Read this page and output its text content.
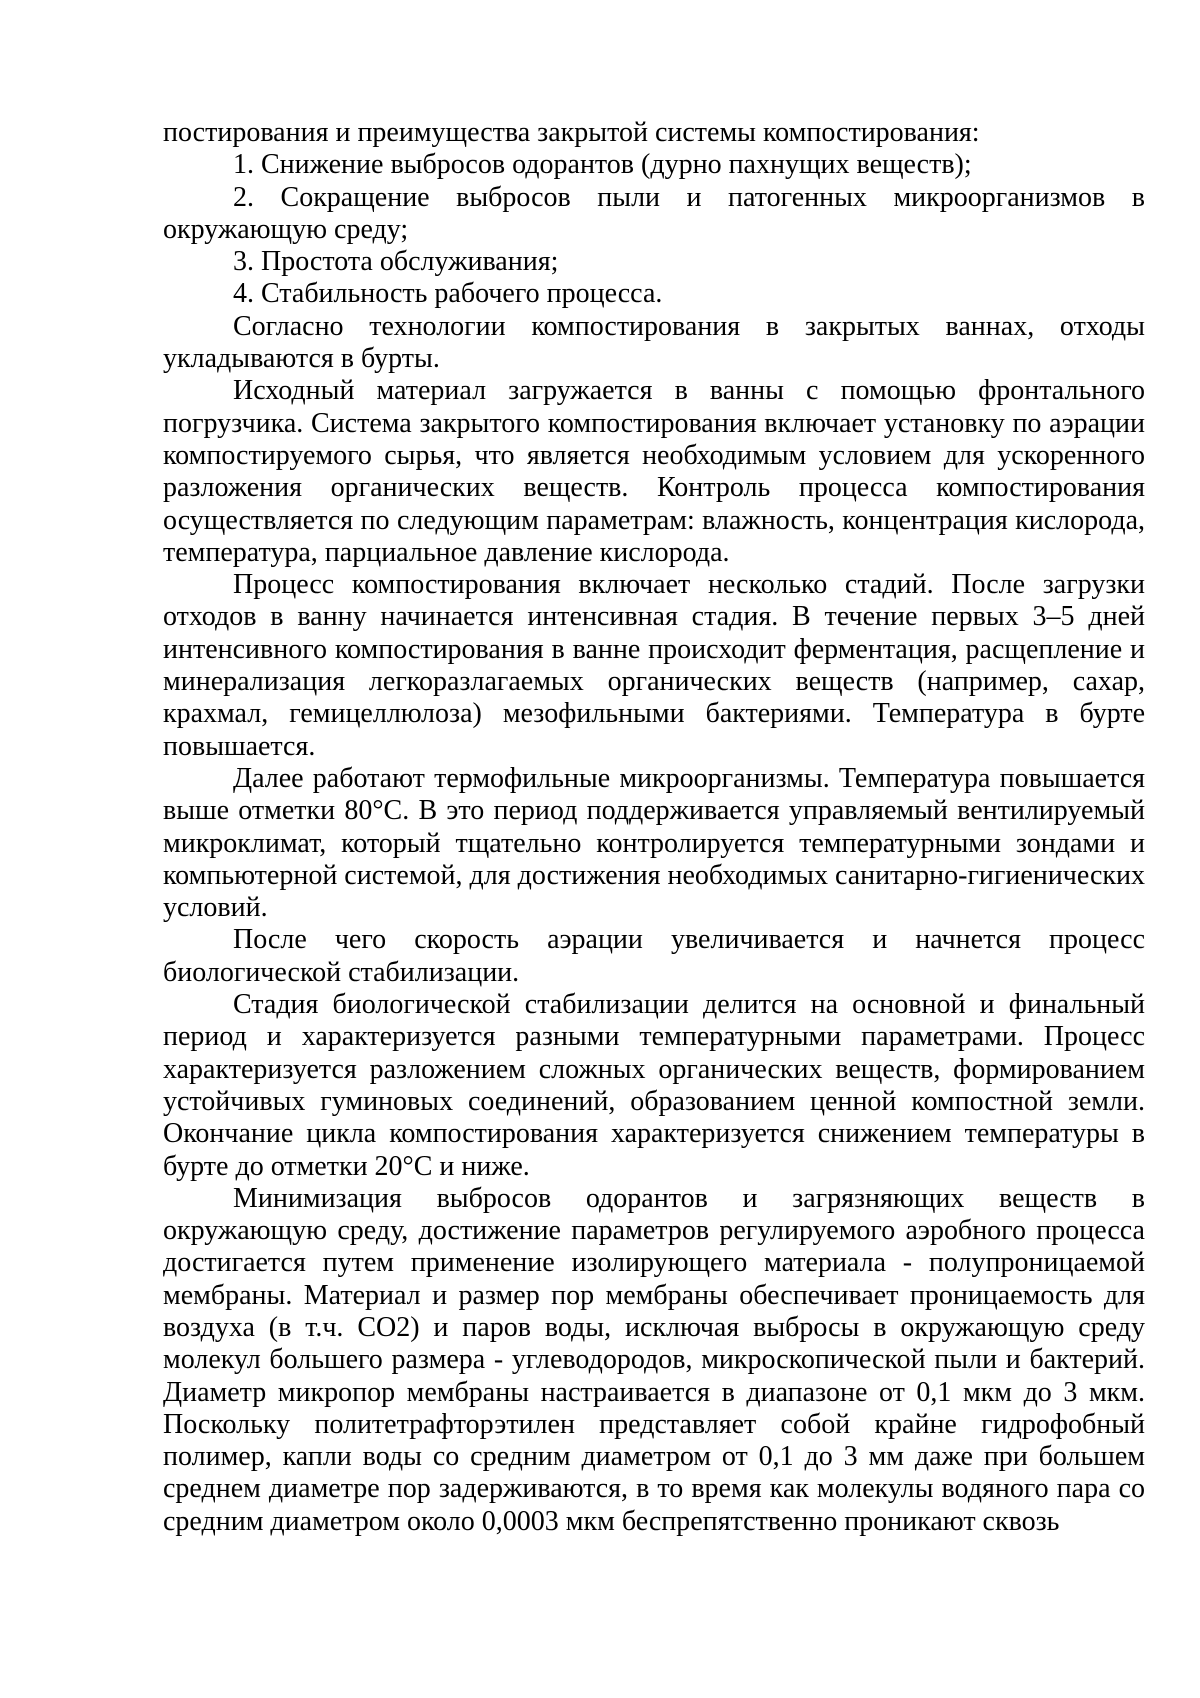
постирования и преимущества закрытой системы компостирования:

1. Снижение выбросов одорантов (дурно пахнущих веществ);

2. Сокращение выбросов пыли и патогенных микроорганизмов в окружающую среду;

3. Простота обслуживания;

4. Стабильность рабочего процесса.

Согласно технологии компостирования в закрытых ваннах, отходы укладываются в бурты.

Исходный материал загружается в ванны с помощью фронтального погрузчика. Система закрытого компостирования включает установку по аэрации компостируемого сырья, что является необходимым условием для ускоренного разложения органических веществ. Контроль процесса компостирования осуществляется по следующим параметрам: влажность, концентрация кислорода, температура, парциальное давление кислорода.

Процесс компостирования включает несколько стадий. После загрузки отходов в ванну начинается интенсивная стадия. В течение первых 3–5 дней интенсивного компостирования в ванне происходит ферментация, расщепление и минерализация легкоразлагаемых органических веществ (например, сахар, крахмал, гемицеллюлоза) мезофильными бактериями. Температура в бурте повышается.

Далее работают термофильные микроорганизмы. Температура повышается выше отметки 80°С. В это период поддерживается управляемый вентилируемый микроклимат, который тщательно контролируется температурными зондами и компьютерной системой, для достижения необходимых санитарно-гигиенических условий.

После чего скорость аэрации увеличивается и начнется процесс биологической стабилизации.

Стадия биологической стабилизации делится на основной и финальный период и характеризуется разными температурными параметрами. Процесс характеризуется разложением сложных органических веществ, формированием устойчивых гуминовых соединений, образованием ценной компостной земли. Окончание цикла компостирования характеризуется снижением температуры в бурте до отметки 20°С и ниже.

Минимизация выбросов одорантов и загрязняющих веществ в окружающую среду, достижение параметров регулируемого аэробного процесса достигается путем применение изолирующего материала - полупроницаемой мембраны. Материал и размер пор мембраны обеспечивает проницаемость для воздуха (в т.ч. СО2) и паров воды, исключая выбросы в окружающую среду молекул большего размера - углеводородов, микроскопической пыли и бактерий. Диаметр микропор мембраны настраивается в диапазоне от 0,1 мкм до 3 мкм. Поскольку политетрафторэтилен представляет собой крайне гидрофобный полимер, капли воды со средним диаметром от 0,1 до 3 мм даже при большем среднем диаметре пор задерживаются, в то время как молекулы водяного пара со средним диаметром около 0,0003 мкм беспрепятственно проникают сквозь
